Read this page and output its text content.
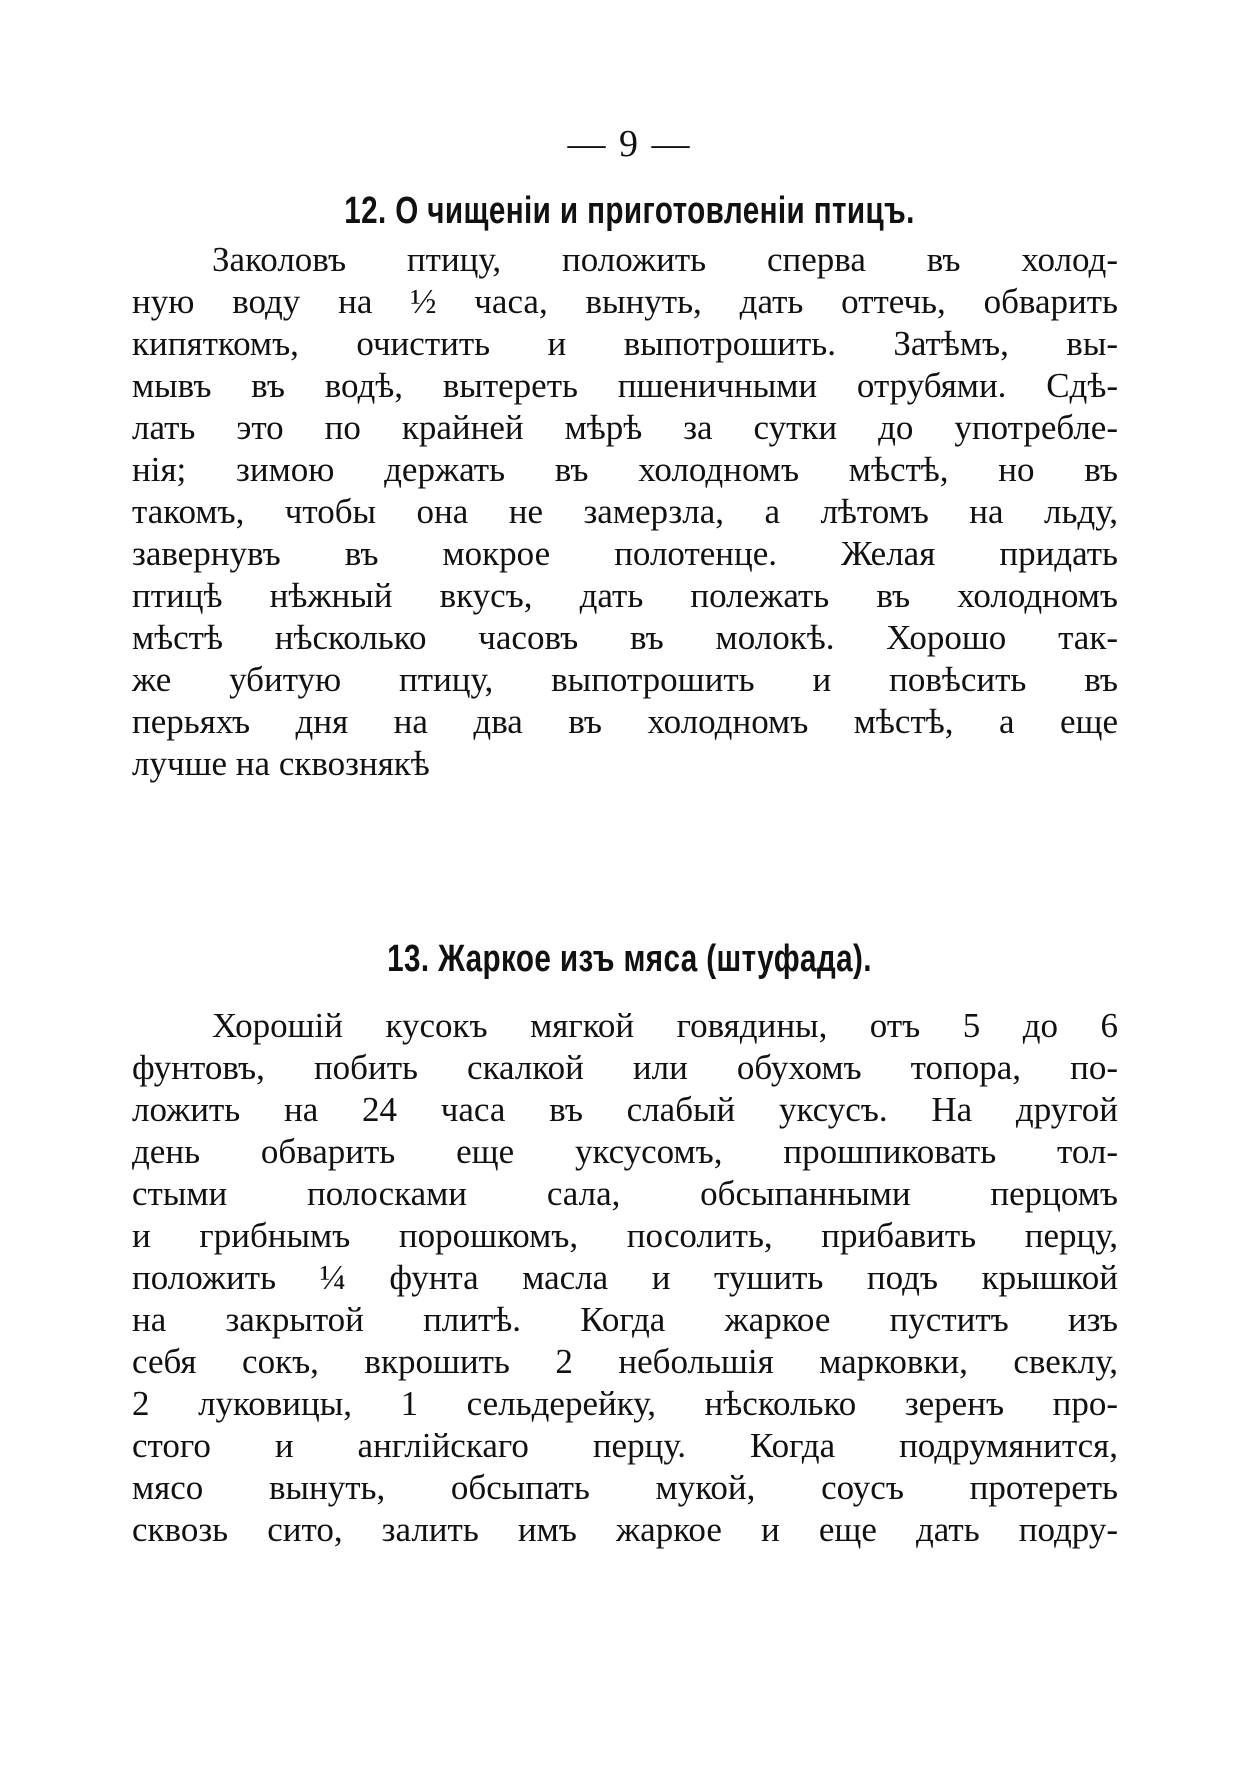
— 9 —
12. О чищеніи и приготовленіи птицъ.
Заколовъ птицу, положить сперва въ холод-
ную воду на ½ часа, вынуть, дать оттечь, обварить
кипяткомъ, очистить и выпотрошить. Затѣмъ, вы-
мывъ въ водѣ, вытереть пшеничными отрубями. Сдѣ-
лать это по крайней мѣрѣ за сутки до употребле-
нія; зимою держать въ холодномъ мѣстѣ, но въ
такомъ, чтобы она не замерзла, а лѣтомъ на льду,
завернувъ въ мокрое полотенце. Желая придать
птицѣ нѣжный вкусъ, дать полежать въ холодномъ
мѣстѣ нѣсколько часовъ въ молокѣ. Хорошо так-
же убитую птицу, выпотрошить и повѣсить въ
перьяхъ дня на два въ холодномъ мѣстѣ, а еще
лучше на сквознякѣ
13. Жаркое изъ мяса (штуфада).
Хорошій кусокъ мягкой говядины, отъ 5 до 6
фунтовъ, побить скалкой или обухомъ топора, по-
ложить на 24 часа въ слабый уксусъ. На другой
день обварить еще уксусомъ, прошпиковать тол-
стыми полосками сала, обсыпанными перцомъ
и грибнымъ порошкомъ, посолить, прибавить перцу,
положить ¼ фунта масла и тушить подъ крышкой
на закрытой плитѣ. Когда жаркое пуститъ изъ
себя сокъ, вкрошить 2 небольшія марковки, свеклу,
2 луковицы, 1 сельдерейку, нѣсколько зеренъ про-
стого и англійскаго перцу. Когда подрумянится,
мясо вынуть, обсыпать мукой, соусъ протереть
сквозь сито, залить имъ жаркое и еще дать подру-
